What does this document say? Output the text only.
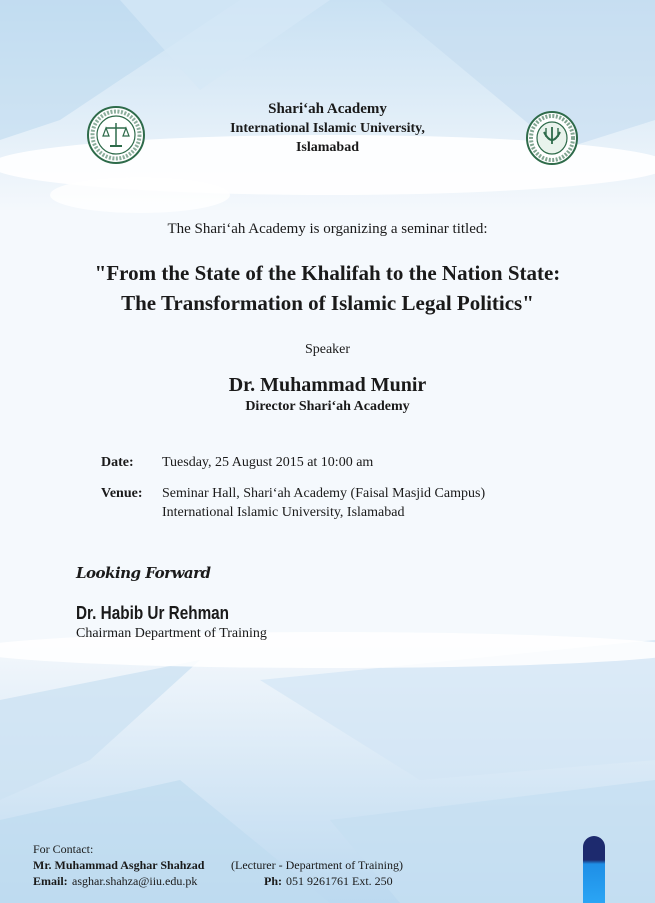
Shari‘ah Academy
International Islamic University,
Islamabad
The Shari‘ah Academy is organizing a seminar titled:
"From the State of the Khalifah to the Nation State:
The Transformation of Islamic Legal Politics"
Speaker
Dr. Muhammad Munir
Director Shari‘ah Academy
Date: Tuesday, 25 August 2015 at 10:00 am
Venue: Seminar Hall, Shari‘ah Academy (Faisal Masjid Campus)
International Islamic University, Islamabad
Looking Forward
Dr. Habib Ur Rehman
Chairman Department of Training
For Contact:
Mr. Muhammad Asghar Shahzad (Lecturer - Department of Training)
Email: asghar.shahza@iiu.edu.pk	Ph: 051 9261761 Ext. 250
